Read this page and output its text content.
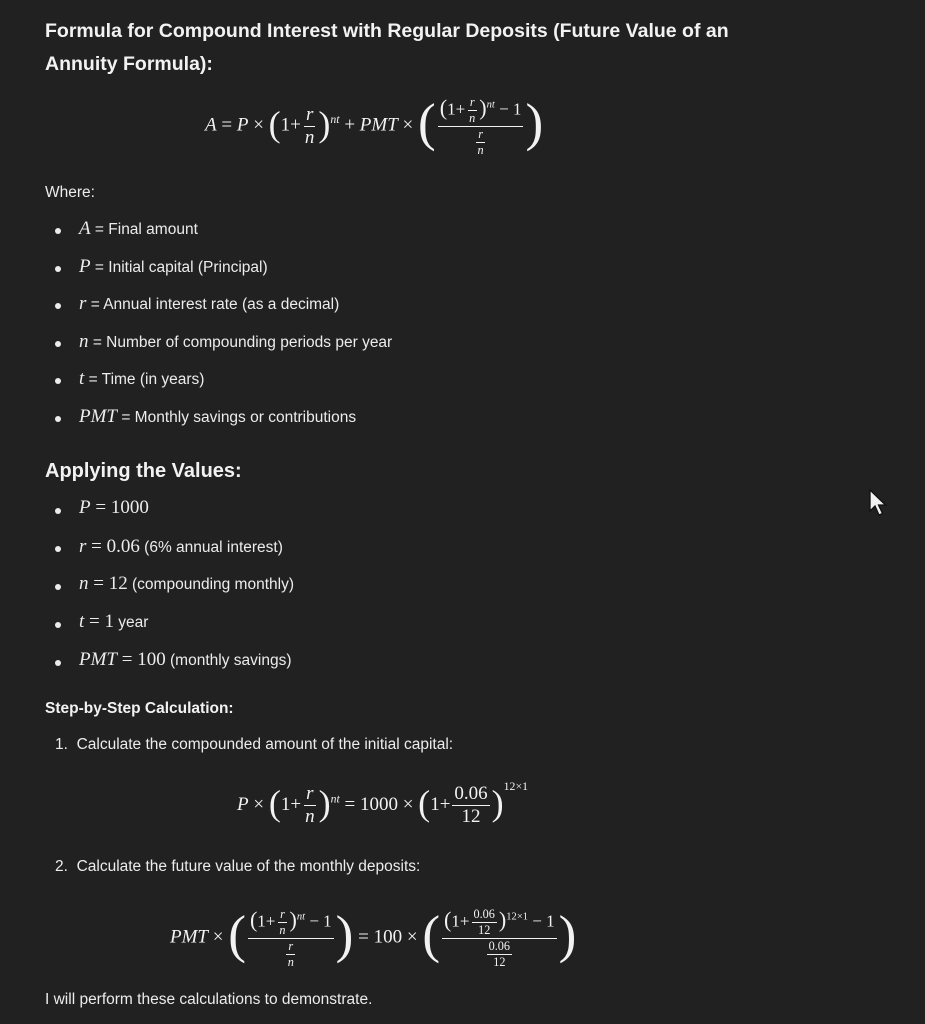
Formula for Compound Interest with Regular Deposits (Future Value of an Annuity Formula):
$A = P \times (1+ \frac{r}{n} )^{nt}$ + PMT × ( $\frac{(1+ \frac{r}{n} )^{nt} - 1}{\frac{r}{n}}$ )
Where:
A = Final amount
P = Initial capital (Principal)
r = Annual interest rate (as a decimal)
n = Number of compounding periods per year
t = Time (in years)
PMT = Monthly savings or contributions
Applying the Values:
P = 1000
r = 0.06 (6% annual interest)
n = 12 (compounding monthly)
t = 1 year
PMT = 100 (monthly savings)
Step-by-Step Calculation:
1. Calculate the compounded amount of the initial capital:
$P \times (1+ \frac{r}{n} )^{nt} = 1000 \times (1+ \frac{0.06}{12} )^{12\times 1}$
2. Calculate the future value of the monthly deposits:
PMT × ( $\frac{(1+ \frac{r}{n} )^{nt} - 1}{\frac{r}{n}}$ ) = 100 × ( $\frac{(1+ \frac{0.06}{12} )^{12\times 1} - 1}{\frac{0.06}{12}}$ )
I will perform these calculations to demonstrate.
